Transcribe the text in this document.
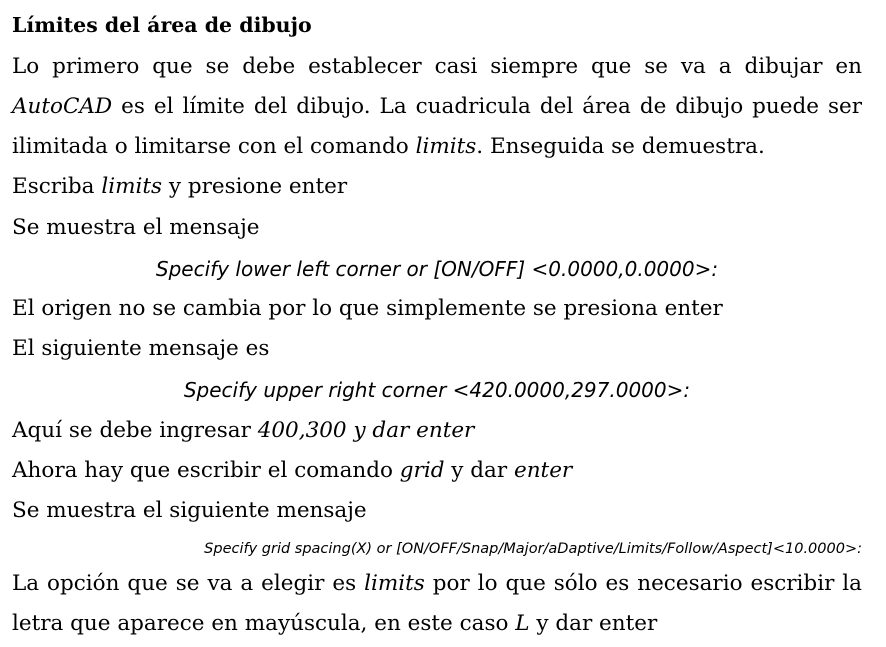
Límites del área de dibujo
Lo primero que se debe establecer casi siempre que se va a dibujar en
AutoCAD es el límite del dibujo. La cuadricula del área de dibujo puede ser
ilimitada o limitarse con el comando limits. Enseguida se demuestra.
Escriba limits y presione enter
Se muestra el mensaje
Specify lower left corner or [ON/OFF] <0.0000,0.0000>:
El origen no se cambia por lo que simplemente se presiona enter
El siguiente mensaje es
Specify upper right corner <420.0000,297.0000>:
Aquí se debe ingresar 400,300 y dar enter
Ahora hay que escribir el comando grid y dar enter
Se muestra el siguiente mensaje
Specify grid spacing(X) or [ON/OFF/Snap/Major/aDaptive/Limits/Follow/Aspect]<10.0000>:
La opción que se va a elegir es limits por lo que sólo es necesario escribir la
letra que aparece en mayúscula, en este caso L y dar enter
